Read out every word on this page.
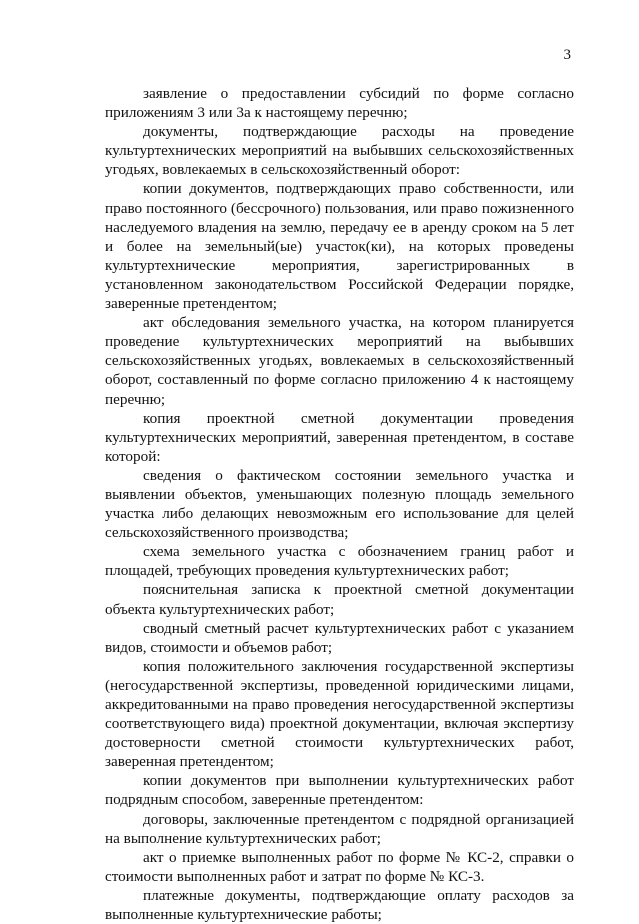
3

заявление о предоставлении субсидий по форме согласно приложениям 3 или 3а к настоящему перечню;

документы, подтверждающие расходы на проведение культуртехнических мероприятий на выбывших сельскохозяйственных угодьях, вовлекаемых в сельскохозяйственный оборот:

копии документов, подтверждающих право собственности, или право постоянного (бессрочного) пользования, или право пожизненного наследуемого владения на землю, передачу ее в аренду сроком на 5 лет и более на земельный(ые) участок(ки), на которых проведены культуртехнические мероприятия, зарегистрированных в установленном законодательством Российской Федерации порядке, заверенные претендентом;

акт обследования земельного участка, на котором планируется проведение культуртехнических мероприятий на выбывших сельскохозяйственных угодьях, вовлекаемых в сельскохозяйственный оборот, составленный по форме согласно приложению 4 к настоящему перечню;

копия проектной сметной документации проведения культуртехнических мероприятий, заверенная претендентом, в составе которой:

сведения о фактическом состоянии земельного участка и выявлении объектов, уменьшающих полезную площадь земельного участка либо делающих невозможным его использование для целей сельскохозяйственного производства;

схема земельного участка с обозначением границ работ и площадей, требующих проведения культуртехнических работ;

пояснительная записка к проектной сметной документации объекта культуртехнических работ;

сводный сметный расчет культуртехнических работ с указанием видов, стоимости и объемов работ;

копия положительного заключения государственной экспертизы (негосударственной экспертизы, проведенной юридическими лицами, аккредитованными на право проведения негосударственной экспертизы соответствующего вида) проектной документации, включая экспертизу достоверности сметной стоимости культуртехнических работ, заверенная претендентом;

копии документов при выполнении культуртехнических работ подрядным способом, заверенные претендентом:

договоры, заключенные претендентом с подрядной организацией на выполнение культуртехнических работ;

акт о приемке выполненных работ по форме № КС-2, справки о стоимости выполненных работ и затрат по форме № КС-3.

платежные документы, подтверждающие оплату расходов за выполненные культуртехнические работы;
